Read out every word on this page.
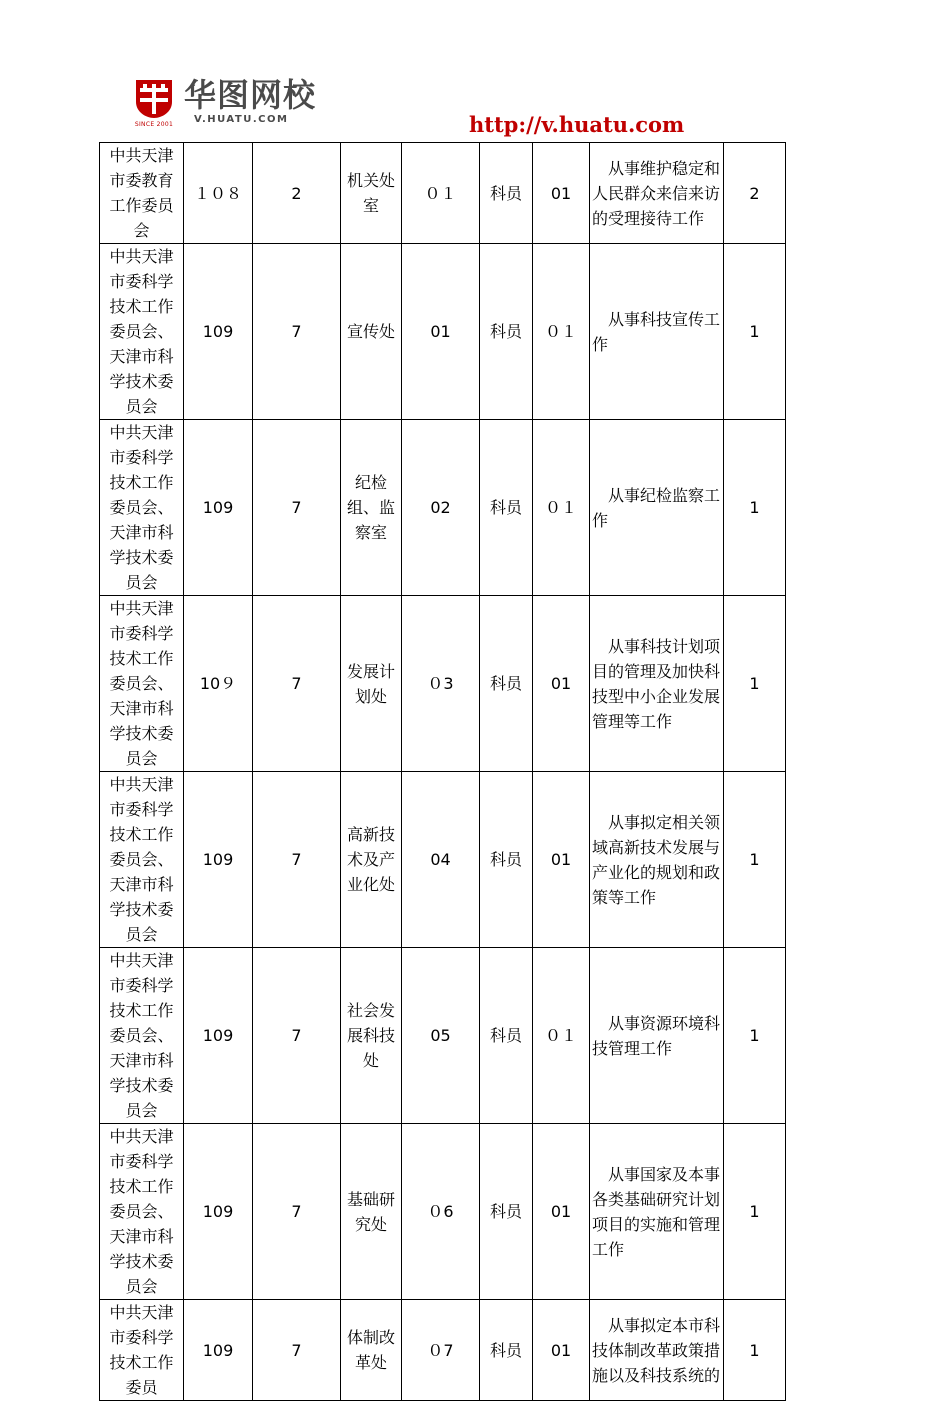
SINCE 2001
华图网校
V.HUATU.COM	http://v.huatu.com
中共天津市委教育工作委员会	１０８	2	机关处室	０１	科员	01	从事维护稳定和人民群众来信来访的受理接待工作	2

中共天津市委科学技术工作委员会、天津市科学技术委员会	109	7	宣传处	01	科员	０１	从事科技宣传工作	1

中共天津市委科学技术工作委员会、天津市科学技术委员会	109	7	纪检组、监察室	02	科员	０１	从事纪检监察工作	1

中共天津市委科学技术工作委员会、天津市科学技术委员会	10９	7	发展计划处	０3	科员	01	从事科技计划项目的管理及加快科技型中小企业发展管理等工作	1

中共天津市委科学技术工作委员会、天津市科学技术委员会	109	7	高新技术及产业化处	04	科员	01	从事拟定相关领域高新技术发展与产业化的规划和政策等工作	1

中共天津市委科学技术工作委员会、天津市科学技术委员会	109	7	社会发展科技处	05	科员	０１	从事资源环境科技管理工作	1

中共天津市委科学技术工作委员会、天津市科学技术委员会	109	7	基础研究处	０6	科员	01	从事国家及本事各类基础研究计划项目的实施和管理工作	1

中共天津市委科学技术工作委员	109	7	体制改革处	０7	科员	01	从事拟定本市科技体制改革政策措施以及科技系统的	1
